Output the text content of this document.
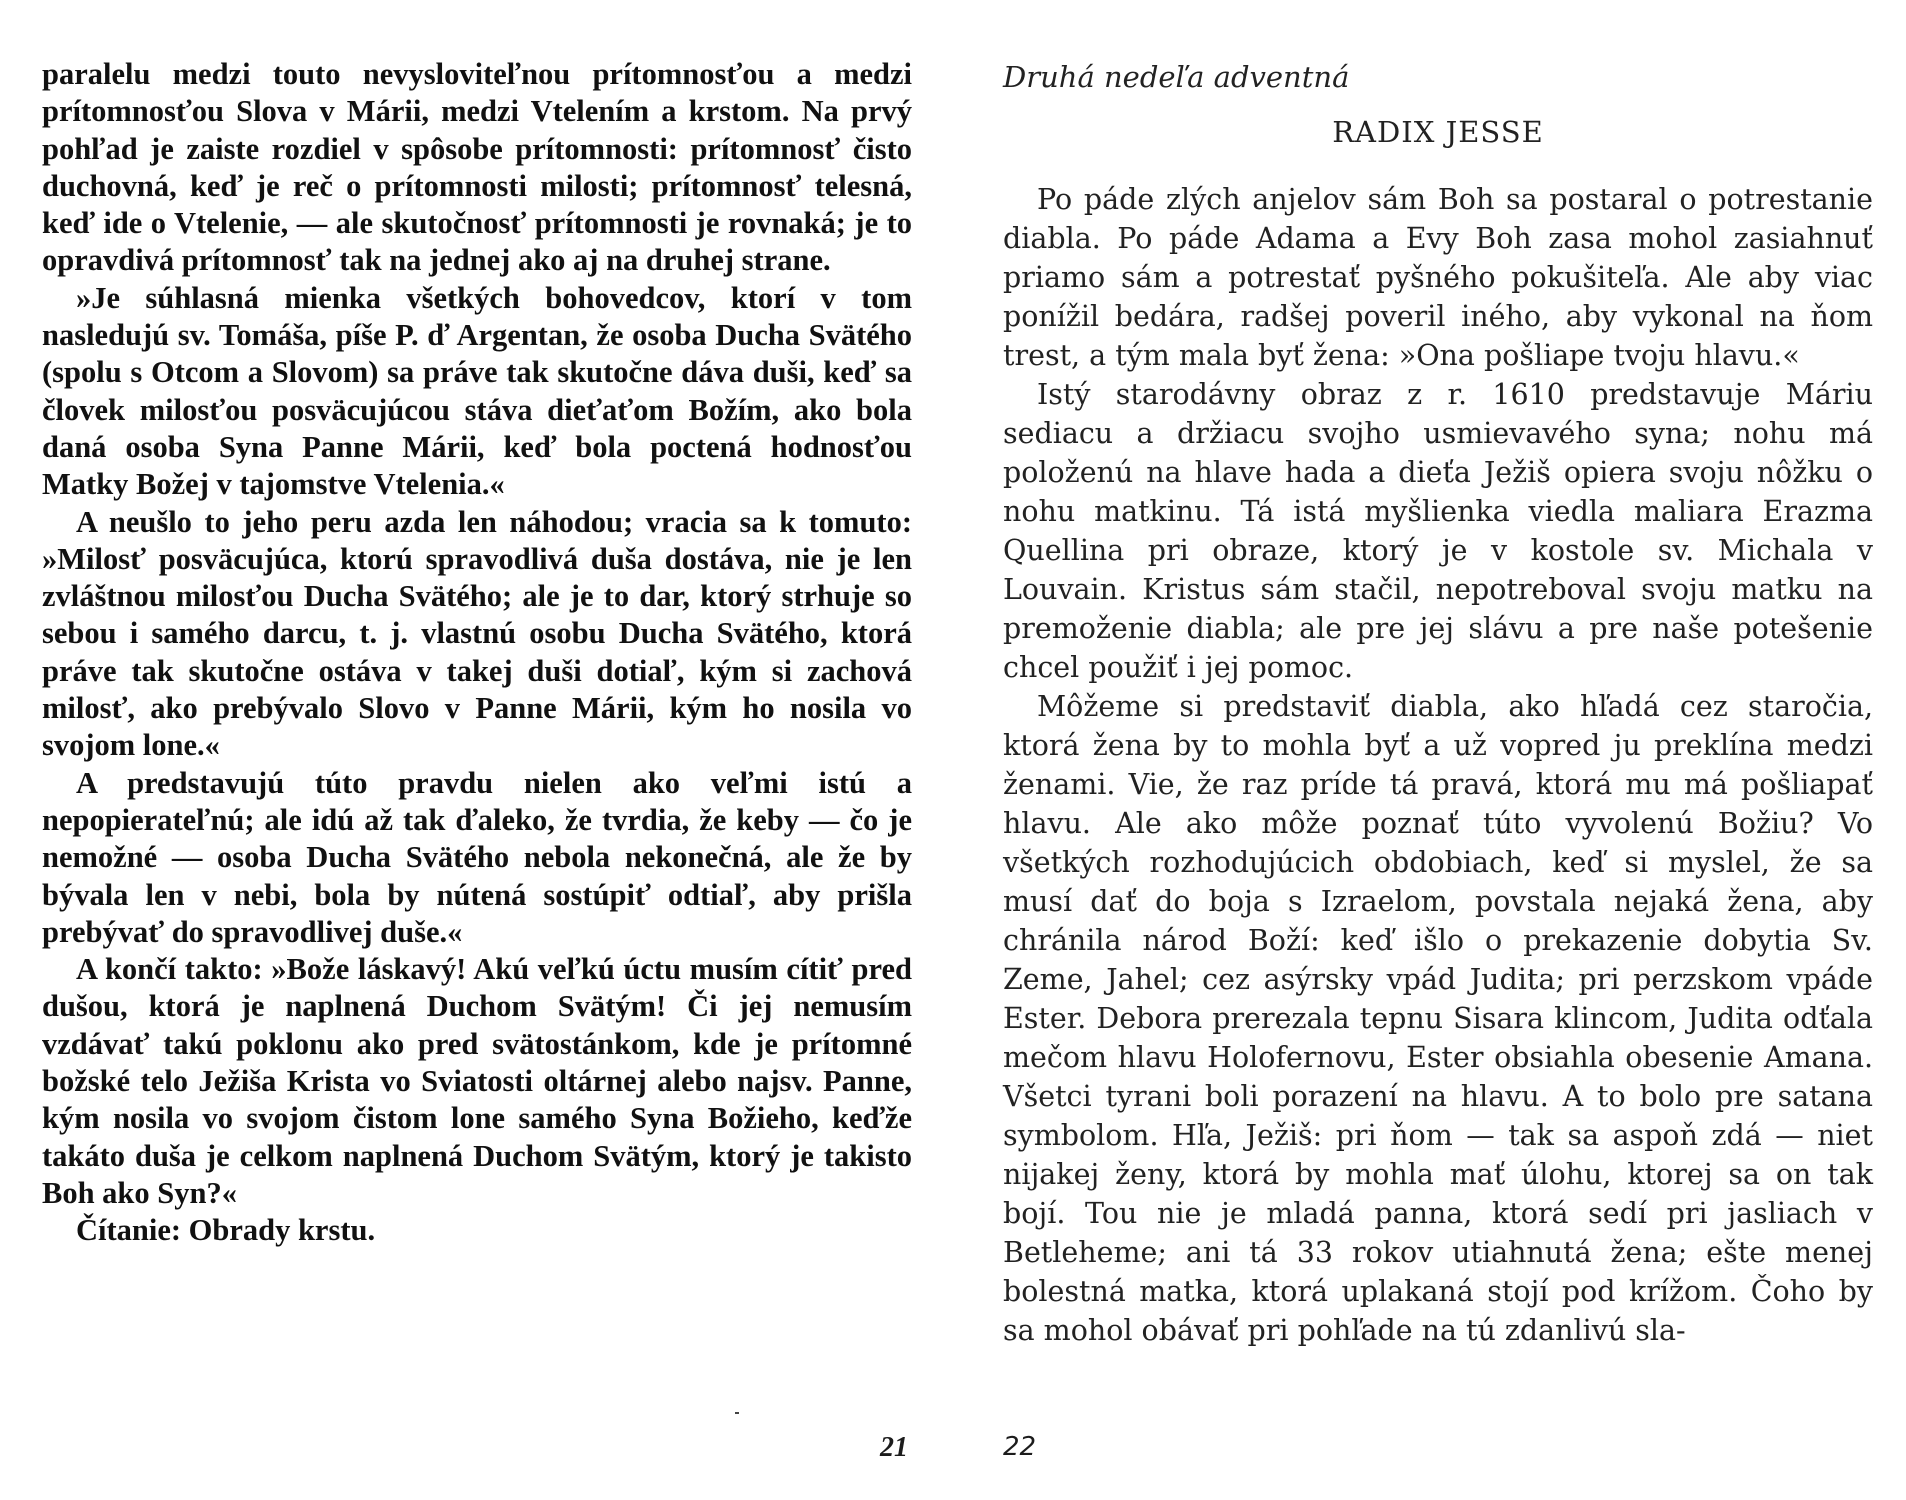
paralelu medzi touto nevysloviteľnou prítomnosťou a medzi prítomnosťou Slova v Márii, medzi Vtelením a krstom. Na prvý pohľad je zaiste rozdiel v spôsobe prítomnosti: prítomnosť čisto duchovná, keď je reč o prítomnosti milosti; prítomnosť telesná, keď ide o Vtelenie, — ale skutočnosť prítomnosti je rovnaká; je to opravdivá prítomnosť tak na jednej ako aj na druhej strane.

»Je súhlasná mienka všetkých bohovedcov, ktorí v tom nasledujú sv. Tomáša, píše P. ď Argentan, že osoba Ducha Svätého (spolu s Otcom a Slovom) sa práve tak skutočne dáva duši, keď sa človek milosťou posväcujúcou stáva dieťaťom Božím, ako bola daná osoba Syna Panne Márii, keď bola poctená hodnosťou Matky Božej v tajomstve Vtelenia.«

A neušlo to jeho peru azda len náhodou; vracia sa k tomuto: »Milosť posväcujúca, ktorú spravodlivá duša dostáva, nie je len zvláštnou milosťou Ducha Svätého; ale je to dar, ktorý strhuje so sebou i samého darcu, t. j. vlastnú osobu Ducha Svätého, ktorá práve tak skutočne ostáva v takej duši dotiaľ, kým si zachová milosť, ako prebývalo Slovo v Panne Márii, kým ho nosila vo svojom lone.«

A predstavujú túto pravdu nielen ako veľmi istú a nepopierateľnú; ale idú až tak ďaleko, že tvrdia, že keby — čo je nemožné — osoba Ducha Svätého nebola nekonečná, ale že by bývala len v nebi, bola by nútená sostúpiť odtiaľ, aby prišla prebývať do spravodlivej duše.«

A končí takto: »Bože láskavý! Akú veľkú úctu musím cítiť pred dušou, ktorá je naplnená Duchom Svätým! Či jej nemusím vzdávať takú poklonu ako pred svätostánkom, kde je prítomné božské telo Ježiša Krista vo Sviatosti oltárnej alebo najsv. Panne, kým nosila vo svojom čistom lone samého Syna Božieho, keďže takáto duša je celkom naplnená Duchom Svätým, ktorý je takisto Boh ako Syn?«

Čítanie: Obrady krstu.

21
Druhá nedeľa adventná
RADIX JESSE

Po páde zlých anjelov sám Boh sa postaral o potrestanie diabla. Po páde Adama a Evy Boh zasa mohol zasiahnuť priamo sám a potrestať pyšného pokušiteľa. Ale aby viac ponížil bedára, radšej poveril iného, aby vykonal na ňom trest, a tým mala byť žena: »Ona pošliape tvoju hlavu.«

Istý starodávny obraz z r. 1610 predstavuje Máriu sediacu a držiacu svojho usmievavého syna; nohu má položenú na hlave hada a dieťa Ježiš opiera svoju nôžku o nohu matkinu. Tá istá myšlienka viedla maliara Erazma Quellina pri obraze, ktorý je v kostole sv. Michala v Louvain. Kristus sám stačil, nepotreboval svoju matku na premoženie diabla; ale pre jej slávu a pre naše potešenie chcel použiť i jej pomoc.

Môžeme si predstaviť diabla, ako hľadá cez staročia, ktorá žena by to mohla byť a už vopred ju preklína medzi ženami. Vie, že raz príde tá pravá, ktorá mu má pošliapať hlavu. Ale ako môže poznať túto vyvolenú Božiu? Vo všetkých rozhodujúcich obdobiach, keď si myslel, že sa musí dať do boja s Izraelom, povstala nejaká žena, aby chránila národ Boží: keď išlo o prekazenie dobytia Sv. Zeme, Jahel; cez asýrsky vpád Judita; pri perzskom vpáde Ester. Debora prerezala tepnu Sisara klincom, Judita odťala mečom hlavu Holofernovu, Ester obsiahla obesenie Amana. Všetci tyrani boli porazení na hlavu. A to bolo pre satana symbolom. Hľa, Ježiš: pri ňom — tak sa aspoň zdá — niet nijakej ženy, ktorá by mohla mať úlohu, ktorej sa on tak bojí. Tou nie je mladá panna, ktorá sedí pri jasliach v Betleheme; ani tá 33 rokov utiahnutá žena; ešte menej bolestná matka, ktorá uplakaná stojí pod krížom. Čoho by sa mohol obávať pri pohľade na tú zdanlivú sla-

22
